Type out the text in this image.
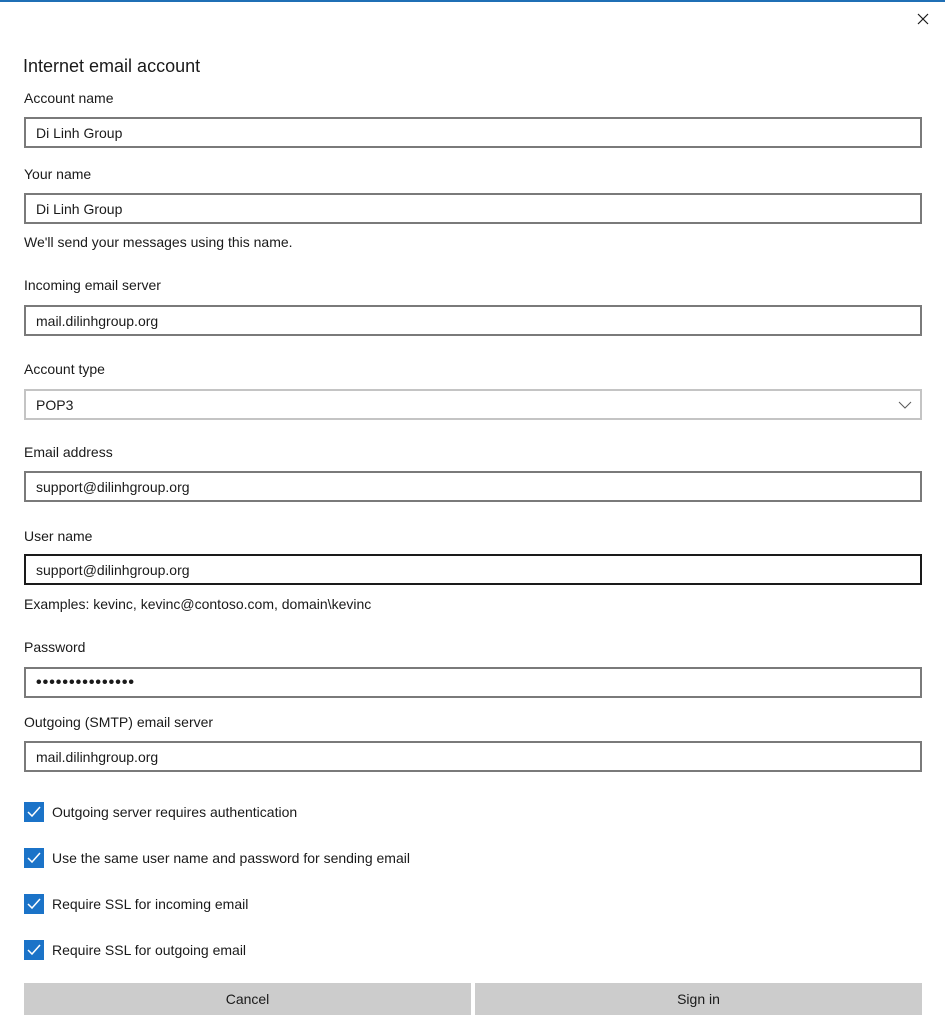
Internet email account
Account name
Di Linh Group
Your name
Di Linh Group
We'll send your messages using this name.
Incoming email server
mail.dilinhgroup.org
Account type
POP3
Email address
support@dilinhgroup.org
User name
support@dilinhgroup.org
Examples: kevinc, kevinc@contoso.com, domain\kevinc
Password
•••••••••••••••
Outgoing (SMTP) email server
mail.dilinhgroup.org
Outgoing server requires authentication
Use the same user name and password for sending email
Require SSL for incoming email
Require SSL for outgoing email
Cancel	Sign in
